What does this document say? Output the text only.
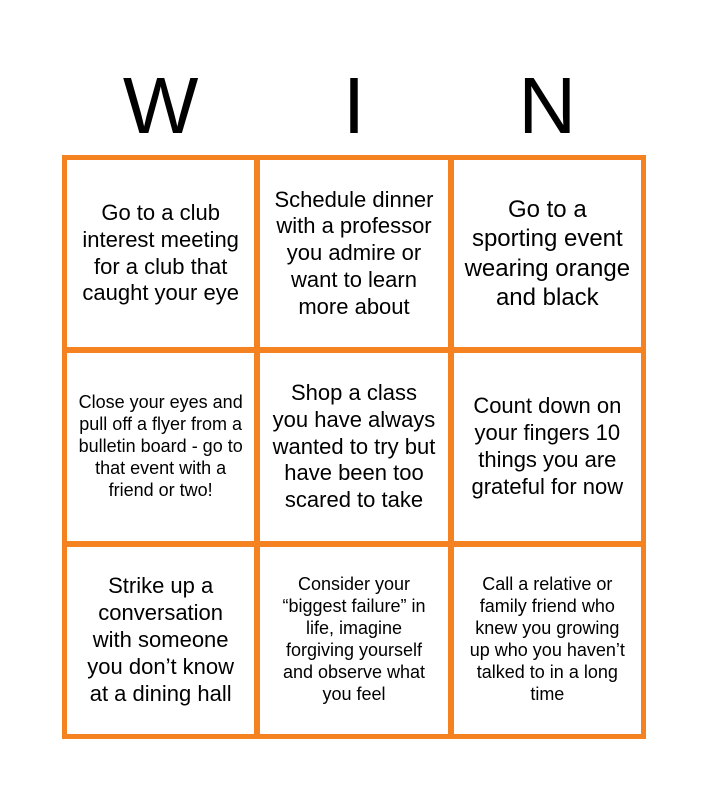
W	I	N
Go to a club interest meeting for a club that caught your eye
Schedule dinner with a professor you admire or want to learn more about
Go to a sporting event wearing orange and black
Close your eyes and pull off a flyer from a bulletin board - go to that event with a friend or two!
Shop a class you have always wanted to try but have been too scared to take
Count down on your fingers 10 things you are grateful for now
Strike up a conversation with someone you don’t know at a dining hall
Consider your “biggest failure” in life, imagine forgiving yourself and observe what you feel
Call a relative or family friend who knew you growing up who you haven’t talked to in a long time
